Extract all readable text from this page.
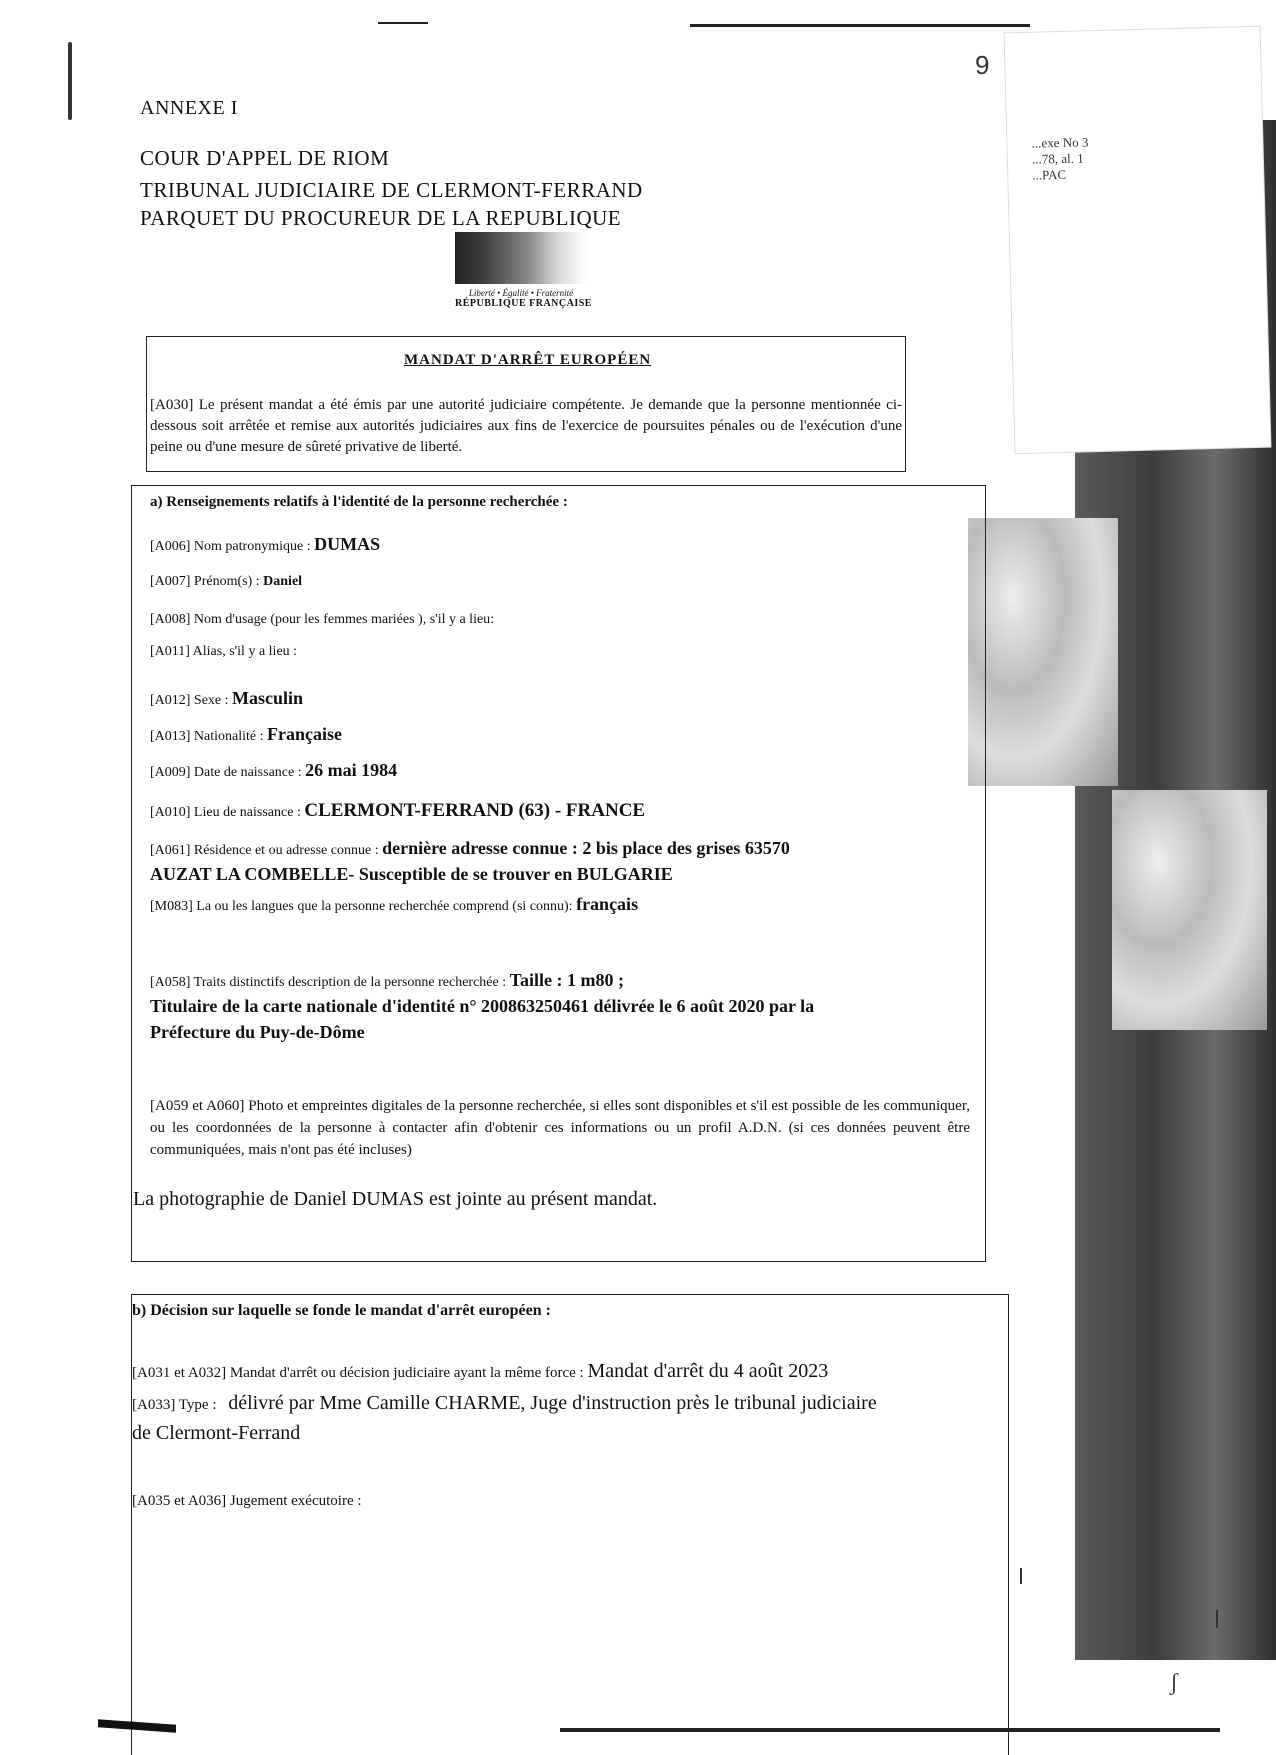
9
...exe No 3
...78, al. 1
...PAC
ANNEXE I
COUR D'APPEL DE RIOM
TRIBUNAL JUDICIAIRE DE CLERMONT-FERRAND
PARQUET DU PROCUREUR DE LA REPUBLIQUE
Liberté • Égalité • Fraternité
RÉPUBLIQUE FRANÇAISE
MANDAT D'ARRÊT EUROPÉEN
[A030] Le présent mandat a été émis par une autorité judiciaire compétente. Je demande que la personne mentionnée ci-dessous soit arrêtée et remise aux autorités judiciaires aux fins de l'exercice de poursuites pénales ou de l'exécution d'une peine ou d'une mesure de sûreté privative de liberté.
a) Renseignements relatifs à l'identité de la personne recherchée :
[A006] Nom patronymique : DUMAS
[A007] Prénom(s) : Daniel
[A008] Nom d'usage (pour les femmes mariées ), s'il y a lieu:
[A011] Alias, s'il y a lieu :
[A012] Sexe : Masculin
[A013] Nationalité : Française
[A009] Date de naissance : 26 mai 1984
[A010] Lieu de naissance : CLERMONT-FERRAND (63) - FRANCE
[A061] Résidence et ou adresse connue : dernière adresse connue : 2 bis place des grises 63570
AUZAT LA COMBELLE- Susceptible de se trouver en BULGARIE
[M083] La ou les langues que la personne recherchée comprend (si connu): français
[A058] Traits distinctifs description de la personne recherchée : Taille : 1 m80 ;
Titulaire de la carte nationale d'identité n° 200863250461 délivrée le 6 août 2020 par la
Préfecture du Puy-de-Dôme
[A059 et A060] Photo et empreintes digitales de la personne recherchée, si elles sont disponibles et s'il est possible de les communiquer, ou les coordonnées de la personne à contacter afin d'obtenir ces informations ou un profil A.D.N. (si ces données peuvent être communiquées, mais n'ont pas été incluses)
La photographie de Daniel DUMAS est jointe au présent mandat.
b) Décision sur laquelle se fonde le mandat d'arrêt européen :
[A031 et A032] Mandat d'arrêt ou décision judiciaire ayant la même force : Mandat d'arrêt du 4 août 2023
[A033] Type : délivré par Mme Camille CHARME, Juge d'instruction près le tribunal judiciaire
de Clermont-Ferrand
[A035 et A036] Jugement exécutoire :
ʃ
